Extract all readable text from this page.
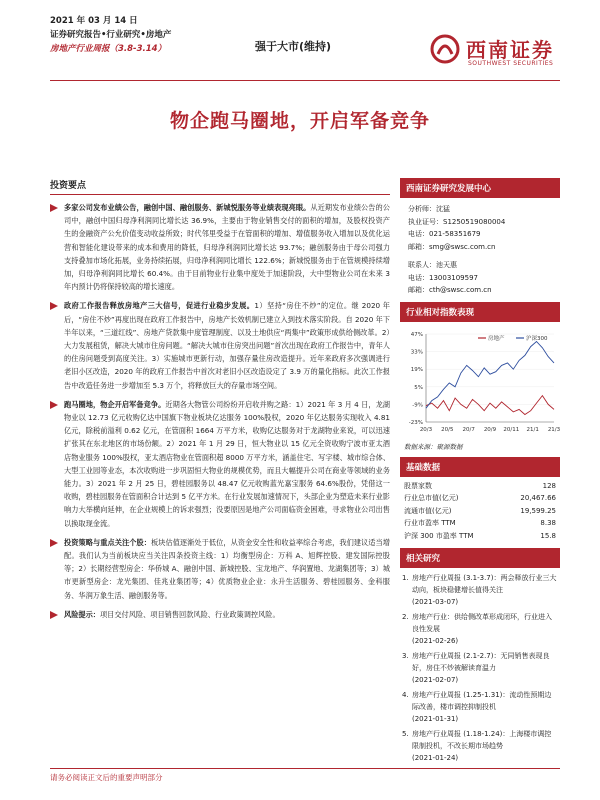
2021 年 03 月 14 日
证券研究报告•行业研究•房地产
房地产行业周报（3.8-3.14）	强于大市(维持)	西南证券
SOUTHWEST SECURITIES
物企跑马圈地，开启军备竞争
投资要点
多家公司发布业绩公告，融创中国、融创服务、新城悦服务等业绩表现亮眼。从近期发布业绩公告的公司中，融创中国归母净利润同比增长达 36.9%，主要由于物业销售交付的面积的增加，及股权投资产生的金融资产公允价值变动收益所致；时代邻里受益于在管面积的增加、增值服务收入增加以及优化运营和智能化建设带来的成本和费用的降低，归母净利润同比增长达 93.7%；融创服务由于母公司强力支持叠加市场化拓展，业务持续拓展，归母净利润同比增长 122.6%；新城悦服务由于在管规模持续增加，归母净利润同比增长 60.4%。由于目前物业行业集中度处于加速阶段，大中型物业公司在未来 3 年内预计仍将保持较高的增长速度。
政府工作报告释放房地产三大信号，促进行业稳步发展。1）坚持“房住不炒”的定位。继 2020 年后，“房住不炒”再度出现在政府工作报告中，房地产长效机制已建立入到技术落实阶段。自 2020 年下半年以来，“三道红线”、房地产贷款集中度管理制度、以及土地供应“两集中”政策形成供给侧改革。2）大力发展租赁，解决大城市住房问题。“解决大城市住房突出问题”首次出现在政府工作报告中，青年人的住房问题受到高度关注。3）实施城市更新行动，加强存量住房改造提升。近年来政府多次强调进行老旧小区改造，2020 年的政府工作报告中首次对老旧小区改造设定了 3.9 万的量化指标。此次工作报告中改造任务进一步增加至 5.3 万个，将释放巨大的存量市场空间。
跑马圈地，物企开启军备竞争。近期各大物管公司纷纷开启收并购之路：1）2021 年 3 月 4 日，龙湖物业以 12.73 亿元收购亿达中国旗下物业板块亿达服务 100%股权，2020 年亿达服务实现收入 4.81 亿元，除税前溢利 0.62 亿元，在管面积 1664 万平方米，收购亿达服务对于龙湖物业来说，可以迅速扩张其在东北地区的市场份额。2）2021 年 1 月 29 日，恒大物业以 15 亿元全资收购宁波市亚太酒店物业服务 100%股权，亚太酒店物业在管面积超 8000 万平方米，涵盖住宅、写字楼、城市综合体、大型工业园等业态，本次收购进一步巩固恒大物业的规模优势，而且大幅提升公司在商业等领域的业务能力。3）2021 年 2 月 25 日，碧桂园服务以 48.47 亿元收购蓝光嘉宝服务 64.6%股份，凭借这一收购，碧桂园服务在管面积合计达到 5 亿平方米。在行业发展加速情况下，头部企业为塑造未来行业影响力大举横向延伸，在企业规模上的诉求强烈；没要原因是地产公司面临资金困难，寻求物业公司出售以换取现金流。
投资策略与重点关注个股：板块估值逐渐处于低位，从资金安全性和收益率综合考虑，我们建议适当增配。我们认为当前板块应当关注四条投资主线：1）均衡型房企：万科 A、旭辉控股、建发国际控股等；2）长期经营型房企：华侨城 A、融创中国、新城控股、宝龙地产、华润置地、龙湖集团等；3）城市更新型房企：龙光集团、佳兆业集团等；4）优质物业企业：永升生活服务、碧桂园服务、金科服务、华润万象生活、融创服务等。
风险提示：项目交付风险、项目销售回款风险、行业政策调控风险。
西南证券研究发展中心
分析师：沈猛
执业证号：S1250519080004
电话：021-58351679
邮箱：smg@swsc.com.cn
联系人：池天惠
电话：13003109597
邮箱：cth@swsc.com.cn
行业相对指数表现
47%
33%
19%
5%
-9%
-23%
20/3 20/5 20/7 20/9 20/11 21/1 21/3
房地产	沪深300
数据来源：聚源数据
基础数据
股票家数	128
行业总市值(亿元)	20,467.66
流通市值(亿元)	19,599.25
行业市盈率 TTM	8.38
沪深 300 市盈率 TTM	15.8
相关研究
1. 房地产行业周报 (3.1-3.7)：两会释放行业三大动向，板块稳健增长值得关注
(2021-03-07)
2. 房地产行业：供给侧改革形成闭环，行业进入良性发展
(2021-02-26)
3. 房地产行业周报 (2.1-2.7)：无同销售表现良好，房住不炒被解读育温力
(2021-02-07)
4. 房地产行业周报 (1.25-1.31)：流动性预期边际改善，楼市调控抑制投机
(2021-01-31)
5. 房地产行业周报 (1.18-1.24)：上海楼市调控限制投机，不改长期市场趋势
(2021-01-24)
请务必阅读正文后的重要声明部分
